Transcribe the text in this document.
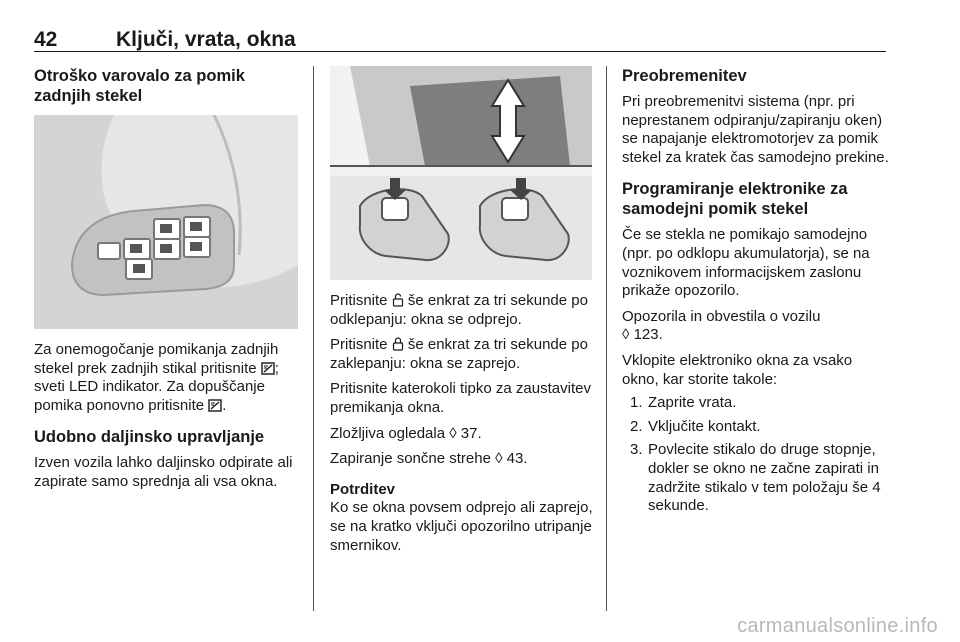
42	Ključi, vrata, okna
Otroško varovalo za pomik zadnjih stekel

Za onemogočanje pomikanja zadnjih stekel prek zadnjih stikal pritisnite ; sveti LED indikator. Za dopuščanje pomika ponovno pritisnite .

Udobno daljinsko upravljanje

Izven vozila lahko daljinsko odpirate ali zapirate samo sprednja ali vsa okna.

Pritisnite  še enkrat za tri sekunde po odklepanju: okna se odprejo.

Pritisnite  še enkrat za tri sekunde po zaklepanju: okna se zaprejo.

Pritisnite katerokoli tipko za zaustavitev premikanja okna.

Zložljiva ogledala ◊ 37.

Zapiranje sončne strehe ◊ 43.

Potrditev

Ko se okna povsem odprejo ali zaprejo, se na kratko vključi opozorilno utripanje smernikov.

Preobremenitev

Pri preobremenitvi sistema (npr. pri neprestanem odpiranju/zapiranju oken) se napajanje elektromotorjev za pomik stekel za kratek čas samodejno prekine.

Programiranje elektronike za samodejni pomik stekel

Če se stekla ne pomikajo samodejno (npr. po odklopu akumulatorja), se na voznikovem informacijskem zaslonu prikaže opozorilo.

Opozorila in obvestila o vozilu
◊ 123.

Vklopite elektroniko okna za vsako okno, kar storite takole:

1. Zaprite vrata.
2. Vključite kontakt.
3. Povlecite stikalo do druge stopnje, dokler se okno ne začne zapirati in zadržite stikalo v tem položaju še 4 sekunde.
carmanualsonline.info
